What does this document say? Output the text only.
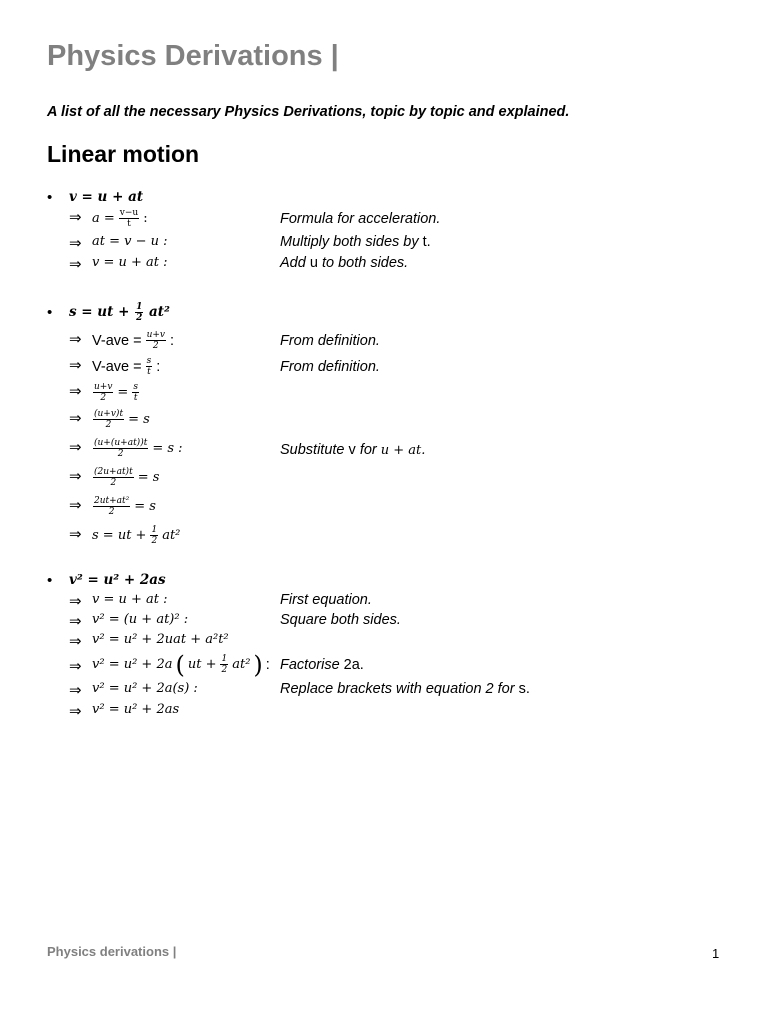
Physics Derivations |

A list of all the necessary Physics Derivations, topic by topic and explained.

Linear motion
• v = u + at
⇒ $a = \frac{v-u}{t}$ :	Formula for acceleration.
⇒ at = v − u :	Multiply both sides by t.
⇒ v = u + at :	Add u to both sides.
• s = ut + $\frac{1}{2} at^2$
⇒ $V-ave = \frac{u+v}{2}$ :	From definition.
⇒ $V-ave = \frac{s}{t}$ :	From definition.
⇒ $\frac{u+v}{2} = \frac{s}{t}$
⇒ $\frac{(u+v)t}{2} = s$
⇒ $\frac{(u+(u+at))t}{2} = s$ :	Substitute v for u + at.
⇒ $\frac{(2u+at)t}{2} = s$
⇒ $\frac{\text{2ut+at²}}{2} = s$
⇒ s = ut + $\frac{1}{2} at^2$
• v² = u² + 2as
⇒ v = u + at :	First equation.
⇒ v² = (u + at)² :	Square both sides.
⇒ v² = u² + 2uat + a²t²
⇒ v² = u² + 2a ( ut + $\frac{1}{2} at^2$ ) : Factorise 2a.
⇒ v² = u² + 2a(s) :	Replace brackets with equation 2 for s.
⇒ v² = u² + 2as
Physics derivations |	1
